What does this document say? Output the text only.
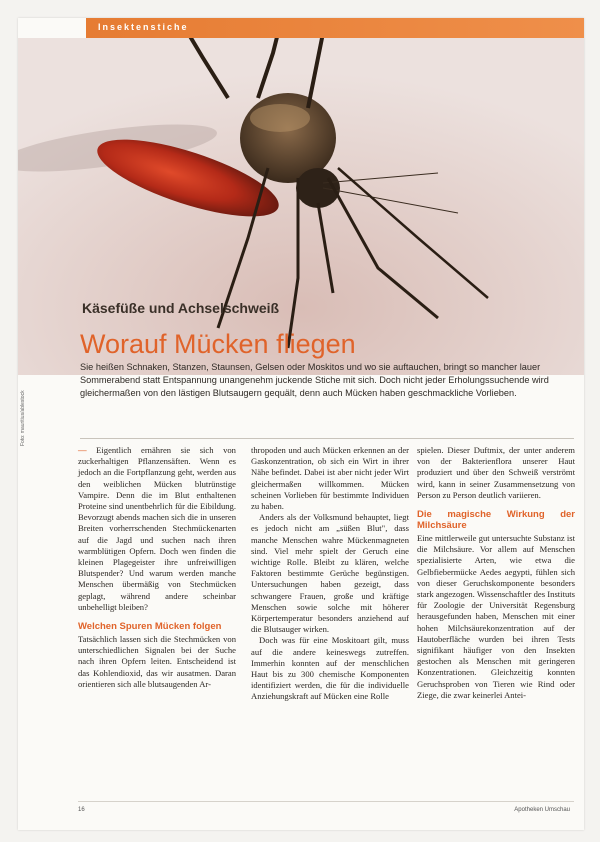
Insektenstiche
Käsefüße und Achselschweiß
Worauf Mücken fliegen
Foto: mauritius/ablestock
Sie heißen Schnaken, Stanzen, Staunsen, Gelsen oder Moskitos und wo sie auftauchen, bringt so mancher lauer Sommerabend statt Entspannung unangenehm juckende Stiche mit sich. Doch nicht jeder Erholungssuchende wird gleichermaßen von den lästigen Blutsaugern gequält, denn auch Mücken haben geschmackliche Vorlieben.

— Eigentlich ernähren sie sich von zuckerhaltigen Pflanzensäften. Wenn es jedoch an die Fortpflanzung geht, werden aus den weiblichen Mücken blutrünstige Vampire. Denn die im Blut enthaltenen Proteine sind unentbehrlich für die Eibildung. Bevorzugt abends machen sich die in unseren Breiten vorherrschenden Stechmückenarten auf die Jagd und suchen nach ihren warmblütigen Opfern. Doch wen finden die kleinen Plagegeister ihre unfreiwilligen Blutspender? Und warum werden manche Menschen übermäßig von Stechmücken geplagt, während andere scheinbar unbehelligt bleiben?

Welchen Spuren Mücken folgen

Tatsächlich lassen sich die Stechmücken von unterschiedlichen Signalen bei der Suche nach ihren Opfern leiten. Entscheidend ist das Kohlendioxid, das wir ausatmen. Daran orientieren sich alle blutsaugenden Ar-

thropoden und auch Mücken erkennen an der Gaskonzentration, ob sich ein Wirt in ihrer Nähe befindet. Dabei ist aber nicht jeder Wirt gleichermaßen willkommen. Mücken scheinen Vorlieben für bestimmte Individuen zu haben.

Anders als der Volksmund behauptet, liegt es jedoch nicht am „süßen Blut", dass manche Menschen wahre Mückenmagneten sind. Viel mehr spielt der Geruch eine wichtige Rolle. Bleibt zu klären, welche Faktoren bestimmte Gerüche begünstigen. Untersuchungen haben gezeigt, dass schwangere Frauen, große und kräftige Menschen sowie solche mit höherer Körpertemperatur besonders anziehend auf die Blutsauger wirken.

Doch was für eine Moskitoart gilt, muss auf die andere keineswegs zutreffen. Immerhin konnten auf der menschlichen Haut bis zu 300 chemische Komponenten identifiziert werden, die für die individuelle Anziehungskraft auf Mücken eine Rolle

spielen. Dieser Duftmix, der unter anderem von der Bakterienflora unserer Haut produziert und über den Schweiß verströmt wird, kann in seiner Zusammensetzung von Person zu Person deutlich variieren.

Die magische Wirkung der Milchsäure

Eine mittlerweile gut untersuchte Substanz ist die Milchsäure. Vor allem auf Menschen spezialisierte Arten, wie etwa die Gelbfiebermücke Aedes aegypti, fühlen sich von dieser Geruchskomponente besonders stark angezogen. Wissenschaftler des Instituts für Zoologie der Universität Regensburg herausgefunden haben, Menschen mit einer hohen Milchsäurekonzentration auf der Hautoberfläche wurden bei ihren Tests signifikant häufiger von den Insekten gestochen als Menschen mit geringeren Konzentrationen. Gleichzeitig konnten Geruchsproben von Tieren wie Rind oder Ziege, die zwar keinerlei Antei-

16	Apotheken Umschau
